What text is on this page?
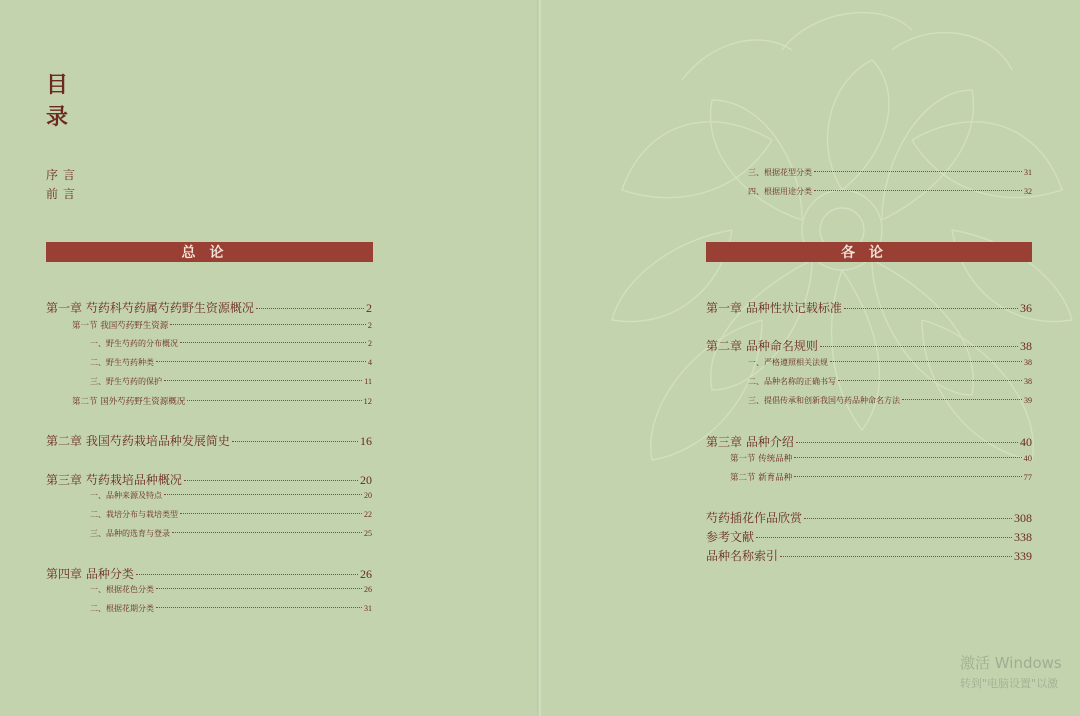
目
录
序言
前言
总论
第一章 芍药科芍药属芍药野生资源概况	2
第一节 我国芍药野生资源	2
一、野生芍药的分布概况	2
二、野生芍药种类	4
三、野生芍药的保护	11
第二节 国外芍药野生资源概况	12
第二章 我国芍药栽培品种发展简史	16
第三章 芍药栽培品种概况	20
一、品种来源及特点	20
二、栽培分布与栽培类型	22
三、品种的选育与登录	25
第四章 品种分类	26
一、根据花色分类	26
二、根据花期分类	31
三、根据花型分类	31
四、根据用途分类	32
各论
第一章 品种性状记载标准	36
第二章 品种命名规则	38
一、严格遵照相关法规	38
二、品种名称的正确书写	38
三、提倡传承和创新我国芍药品种命名方法	39
第三章 品种介绍	40
第一节 传统品种	40
第二节 新育品种	77
芍药插花作品欣赏	308
参考文献	338
品种名称索引	339
激活 Windows
转到"电脑设置"以激
